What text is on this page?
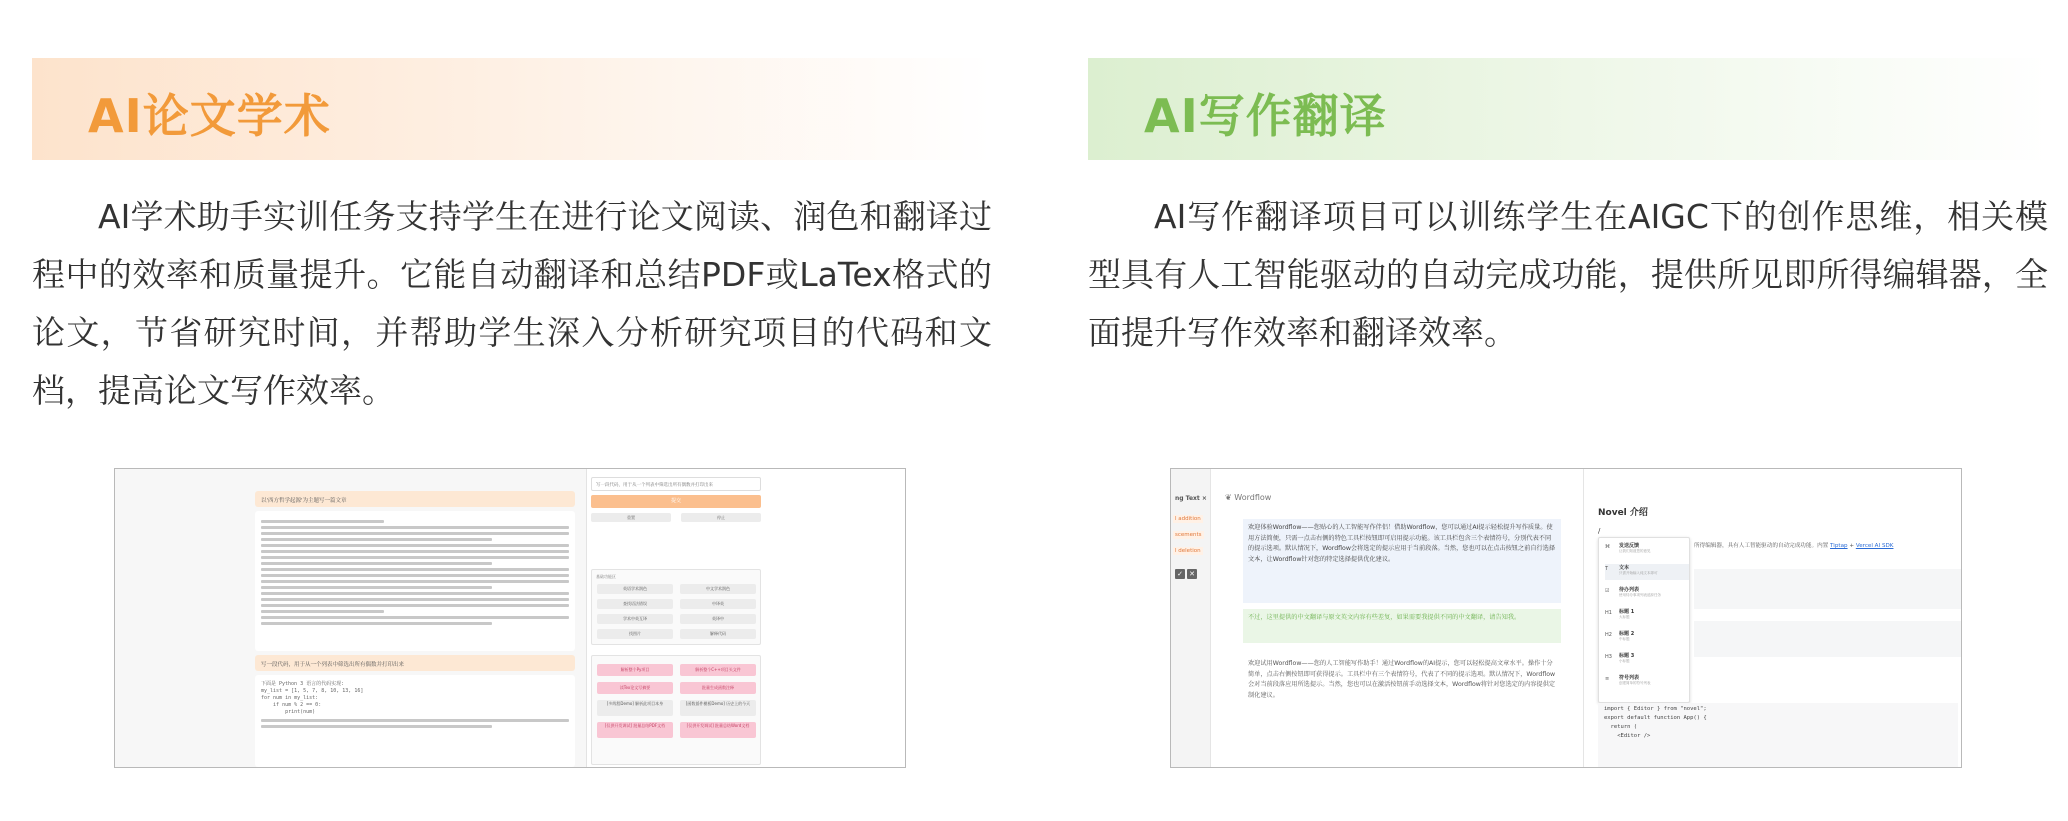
AI论文学术

AI学术助手实训任务支持学生在进行论文阅读、润色和翻译过程中的效率和质量提升。它能自动翻译和总结PDF或LaTex格式的论文，节省研究时间，并帮助学生深入分析研究项目的代码和文档，提高论文写作效率。

以'西方哲学起源'为主题写一篇文章
写一段代码，用于从一个列表中筛选出所有偶数并打印出来
下面是 Python 3 语言的代码实现:
my_list = [1, 5, 7, 8, 10, 13, 16]
for num in my_list:
if num % 2 == 0:
print(num)
写一段代码，用于从一个列表中筛选出所有偶数并打印出来
提交
重置	停止
基础功能区
英语学术润色	中文学术润色
查找语法错误	中译英
学术中英互译	英译中
找图片	解释代码
解析整个Py项目	解析整个C++项目头文件
读Tex论文写摘要	批量生成函数注释
[多线程Demo] 解析此项目本身	[函数插件模板Demo] 历史上的今天
[仅供开发调试] 批量总结PDF文档	[仅供开发调试] 批量总结Word文档
AI写作翻译

AI写作翻译项目可以训练学生在AIGC下的创作思维，相关模型具有人工智能驱动的自动完成功能，提供所见即所得编辑器，全面提升写作效率和翻译效率。

ng Text ×
l addition
scements
l deletion
✓ ✕
❦ Wordflow
欢迎体验Wordflow——您贴心的人工智能写作伴侣！借助Wordflow，您可以通过AI提示轻松提升写作质量。使用方法简便，只需一点击右侧的特色工具栏按钮即可启用提示功能。该工具栏包含三个表情符号，分别代表不同的提示选项。默认情况下，Wordflow会将选定的提示应用于当前段落。当然，您也可以在点击按钮之前自行选择文本，让Wordflow针对您的特定选择提供优化建议。
不过，这里提供的中文翻译与原文英文内容有些差复，如果需要我提供不同的中文翻译，请告知我。
欢迎试用Wordflow——您的人工智能写作助手！通过Wordflow的AI提示，您可以轻松提高文章水平。操作十分简单，点击右侧按钮即可获得提示。工具栏中有三个表情符号，代表了不同的提示选项。默认情况下，Wordflow会对当前段落应用所选提示。当然，您也可以在激活按钮前手动选择文本，Wordflow将针对您选定的内容提供定制化建议。
Novel 介绍
/
所得编辑器，具有人工智能驱动的自动完成功能。内置 Tiptap + Vercel AI SDK
⌘ 发送反馈
让我们知道您的意见
T 文本
只需开始输入纯文本即可
☑ 待办列表
使用待办事项列表追踪任务
H1 标题 1
大标题
H2 标题 2
中标题
H3 标题 3
小标题
≡ 符号列表
创建简单的符号列表
import { Editor } from "novel";
export default function App() {
return (
<Editor />
